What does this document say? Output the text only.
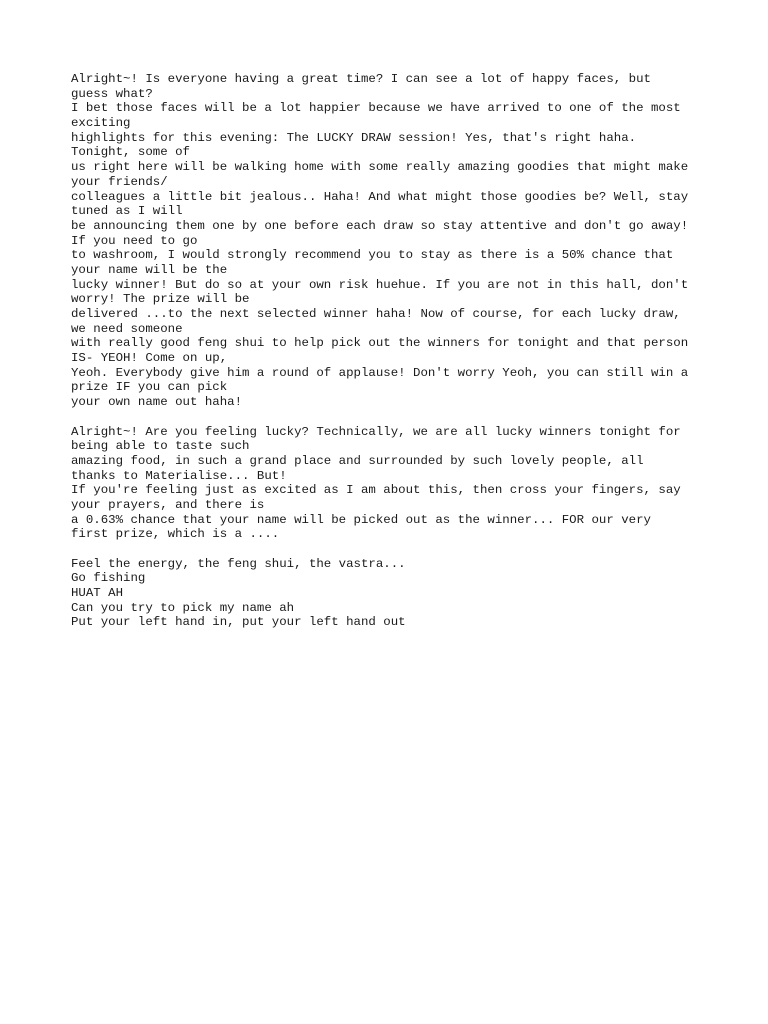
Alright~! Is everyone having a great time? I can see a lot of happy faces, but
guess what?
I bet those faces will be a lot happier because we have arrived to one of the most
exciting
highlights for this evening: The LUCKY DRAW session! Yes, that's right haha.
Tonight, some of
us right here will be walking home with some really amazing goodies that might make
your friends/
colleagues a little bit jealous.. Haha! And what might those goodies be? Well, stay
tuned as I will
be announcing them one by one before each draw so stay attentive and don't go away!
If you need to go
to washroom, I would strongly recommend you to stay as there is a 50% chance that
your name will be the
lucky winner! But do so at your own risk huehue. If you are not in this hall, don't
worry! The prize will be
delivered ...to the next selected winner haha! Now of course, for each lucky draw,
we need someone
with really good feng shui to help pick out the winners for tonight and that person
IS- YEOH! Come on up,
Yeoh. Everybody give him a round of applause! Don't worry Yeoh, you can still win a
prize IF you can pick
your own name out haha!
Alright~! Are you feeling lucky? Technically, we are all lucky winners tonight for
being able to taste such
amazing food, in such a grand place and surrounded by such lovely people, all
thanks to Materialise... But!
If you're feeling just as excited as I am about this, then cross your fingers, say
your prayers, and there is
a 0.63% chance that your name will be picked out as the winner... FOR our very
first prize, which is a ....
Feel the energy, the feng shui, the vastra...
Go fishing
HUAT AH
Can you try to pick my name ah
Put your left hand in, put your left hand out
